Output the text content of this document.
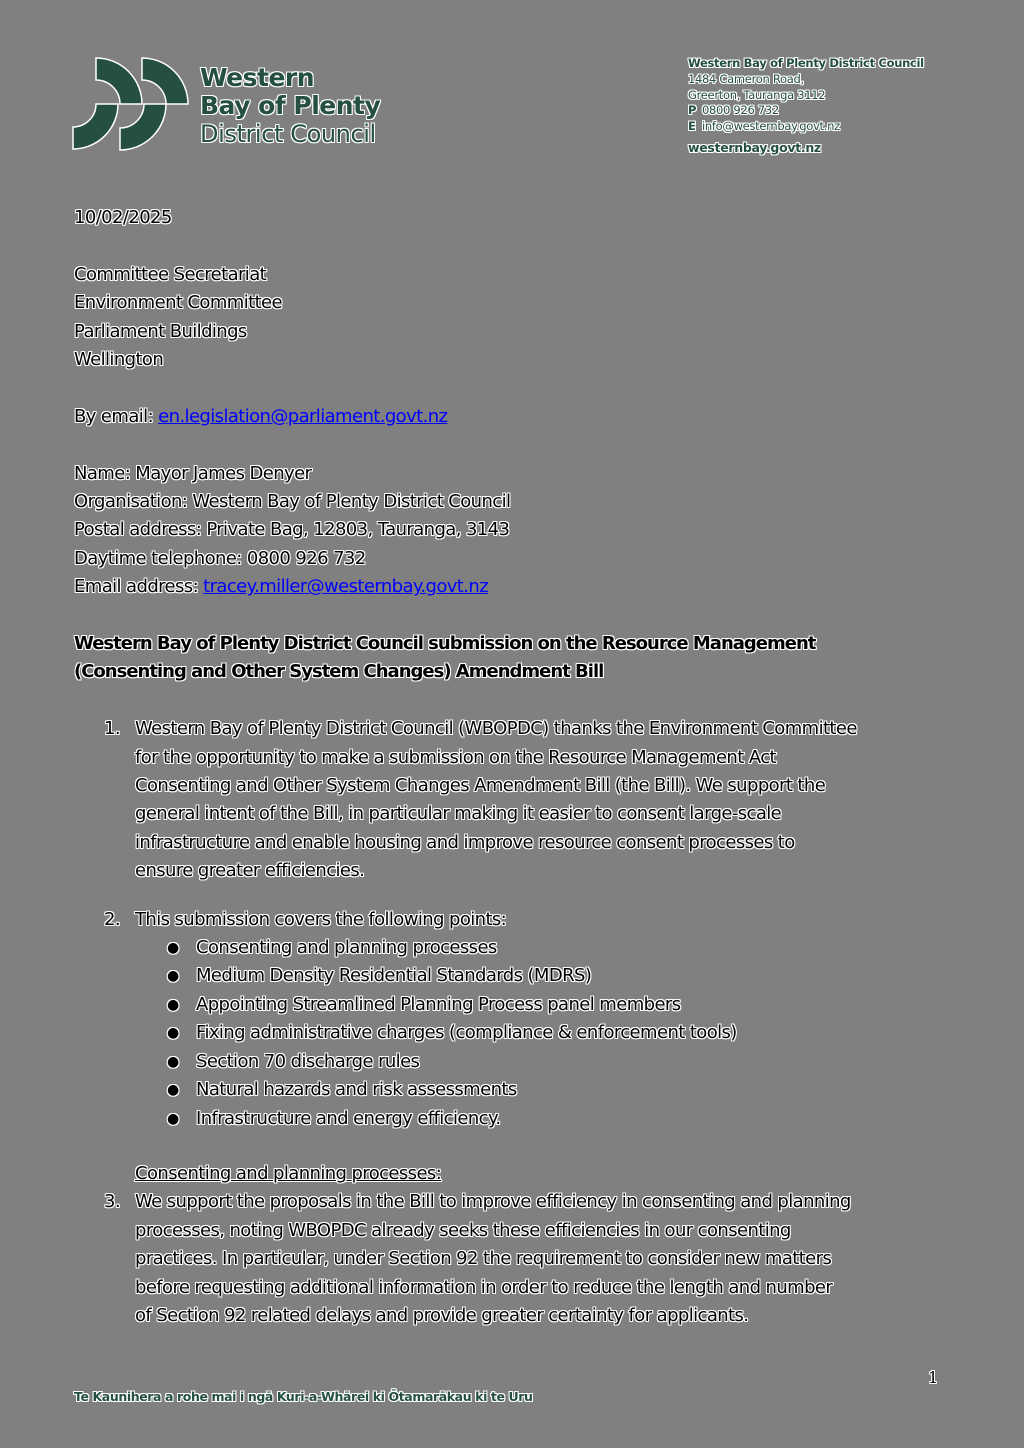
Western
Bay of Plenty
District Council
Western Bay of Plenty District Council
1484 Cameron Road,
Greerton, Tauranga 3112
P 0800 926 732
E info@westernbay.govt.nz
westernbay.govt.nz

10/02/2025

Committee Secretariat

Environment Committee

Parliament Buildings

Wellington

By email: en.legislation@parliament.govt.nz

Name: Mayor James Denyer

Organisation: Western Bay of Plenty District Council

Postal address: Private Bag, 12803, Tauranga, 3143

Daytime telephone: 0800 926 732

Email address: tracey.miller@westernbay.govt.nz

Western Bay of Plenty District Council submission on the Resource Management

(Consenting and Other System Changes) Amendment Bill

1. Western Bay of Plenty District Council (WBOPDC) thanks the Environment Committee

for the opportunity to make a submission on the Resource Management Act

Consenting and Other System Changes Amendment Bill (the Bill). We support the

general intent of the Bill, in particular making it easier to consent large-scale

infrastructure and enable housing and improve resource consent processes to

ensure greater efficiencies.

2. This submission covers the following points:

● Consenting and planning processes
● Medium Density Residential Standards (MDRS)
● Appointing Streamlined Planning Process panel members
● Fixing administrative charges (compliance & enforcement tools)
● Section 70 discharge rules
● Natural hazards and risk assessments
● Infrastructure and energy efficiency.

Consenting and planning processes:

3. We support the proposals in the Bill to improve efficiency in consenting and planning

processes, noting WBOPDC already seeks these efficiencies in our consenting

practices. In particular, under Section 92 the requirement to consider new matters

before requesting additional information in order to reduce the length and number

of Section 92 related delays and provide greater certainty for applicants.

Te Kaunihera a rohe mai i ngā Kuri-a-Whārei ki Ōtamarākau ki te Uru
1
